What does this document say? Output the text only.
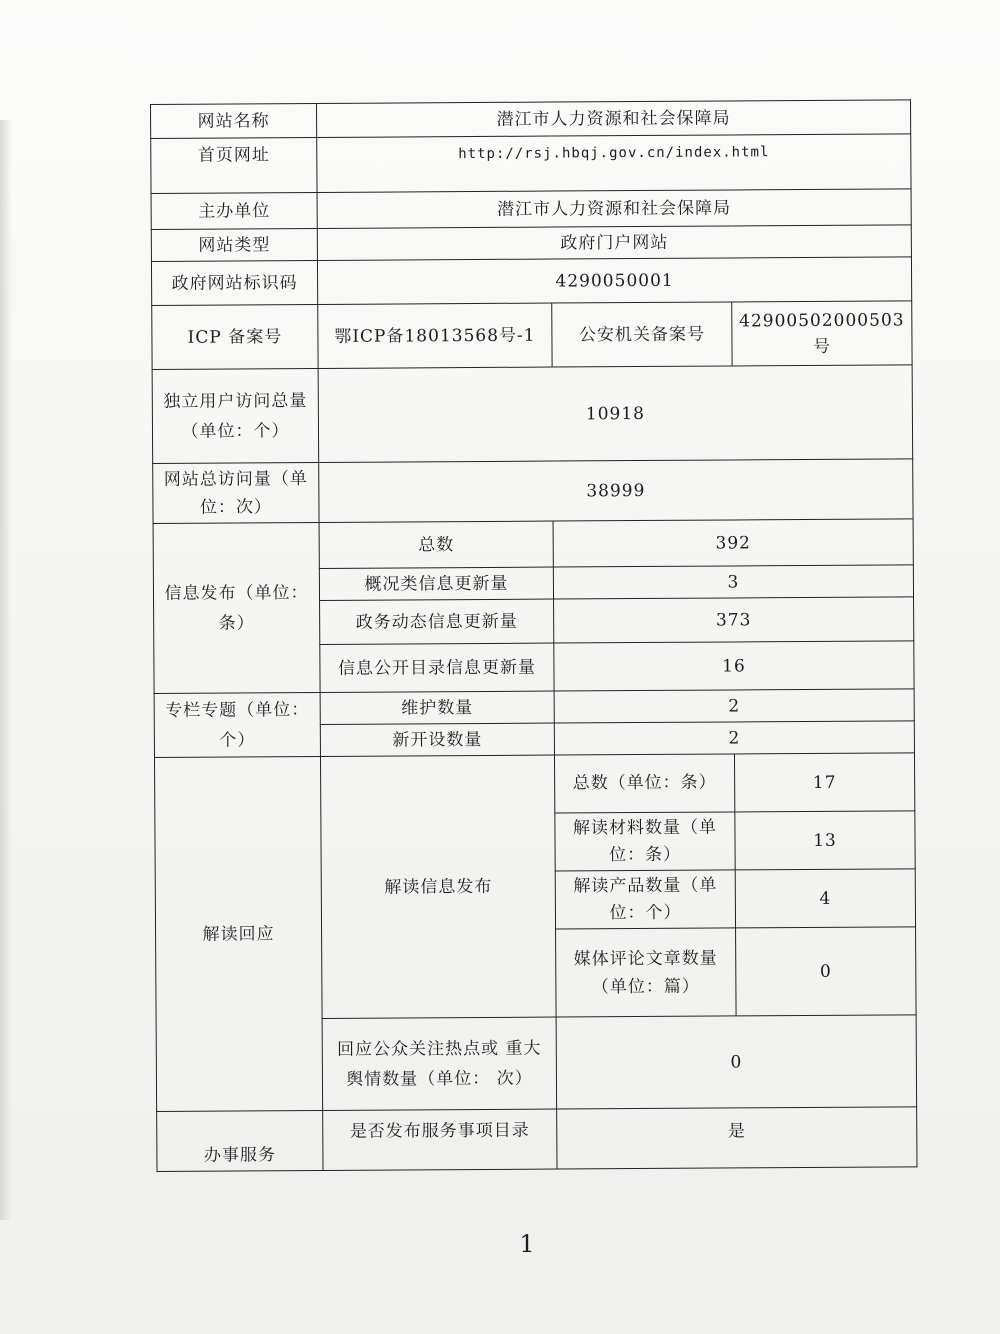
网站名称	潜江市人力资源和社会保障局		
首页网址	http://rsj.hbqj.gov.cn/index.html		
主办单位	潜江市人力资源和社会保障局		
网站类型	政府门户网站		
政府网站标识码	4290050001		
ICP 备案号	鄂ICP备18013568号-1	公安机关备案号	42900502000503 号
独立用户访问总量（单位：个）	10918		
网站总访问量（单位：次）	38999		
信息发布（单位：条）	总数	392	
	概况类信息更新量	3	
	政务动态信息更新量	373	
	信息公开目录信息更新量	16	
专栏专题（单位：个）	维护数量	2	
	新开设数量	2	
解读回应	解读信息发布	总数（单位：条）	17
		解读材料数量（单位：条）	13
		解读产品数量（单位：个）	4
		媒体评论文章数量（单位：篇）	0
	回应公众关注热点或 重大舆情数量（单位： 次）	0	
办事服务	是否发布服务事项目录	是	
1
